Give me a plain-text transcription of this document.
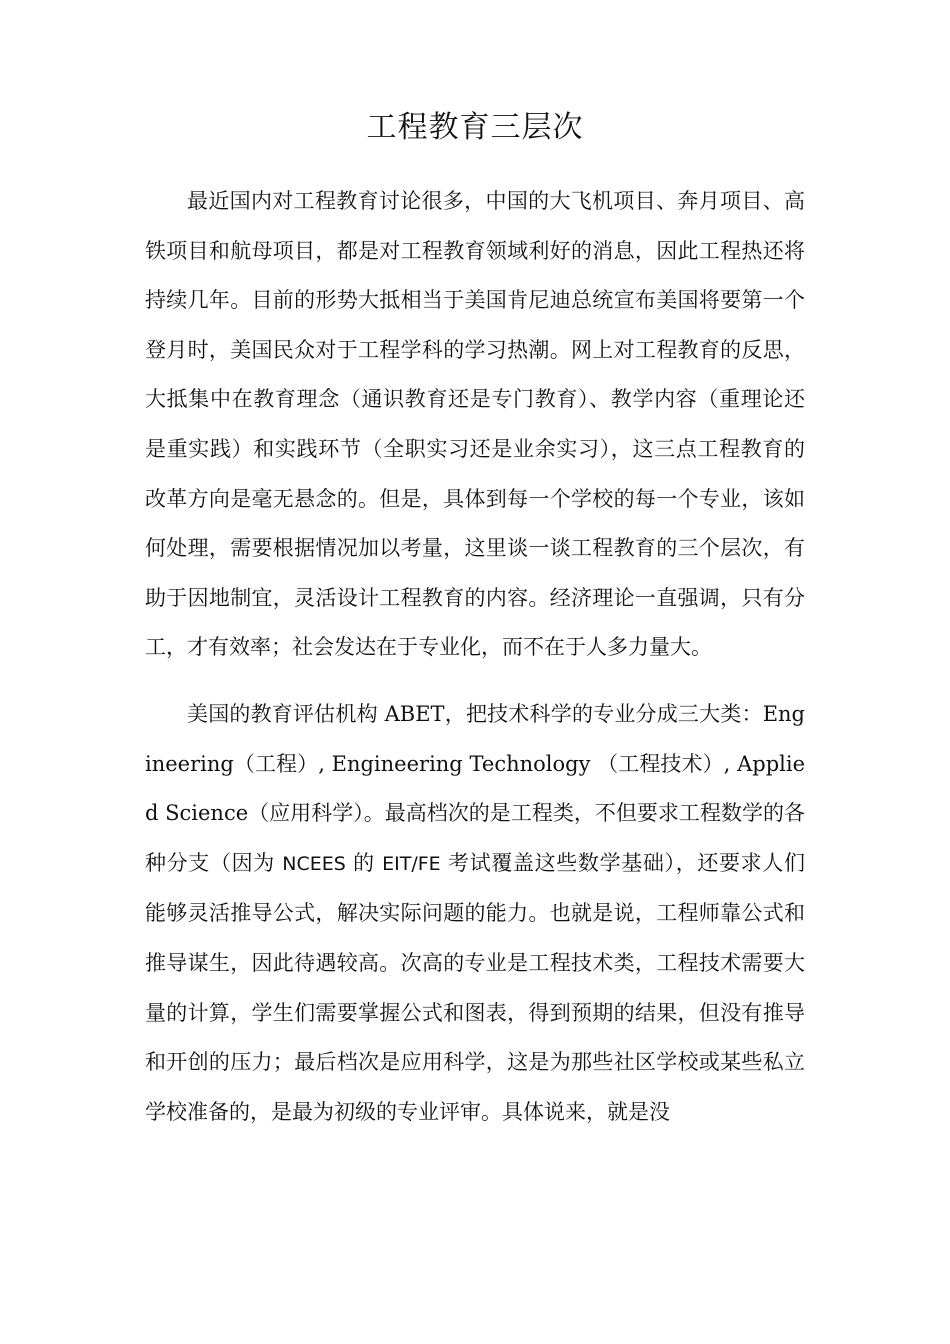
工程教育三层次

最近国内对工程教育讨论很多，中国的大飞机项目、奔月项目、高铁项目和航母项目，都是对工程教育领域利好的消息，因此工程热还将持续几年。目前的形势大抵相当于美国肯尼迪总统宣布美国将要第一个登月时，美国民众对于工程学科的学习热潮。网上对工程教育的反思，大抵集中在教育理念（通识教育还是专门教育）、教学内容（重理论还是重实践）和实践环节（全职实习还是业余实习），这三点工程教育的改革方向是毫无悬念的。但是，具体到每一个学校的每一个专业，该如何处理，需要根据情况加以考量，这里谈一谈工程教育的三个层次，有助于因地制宜，灵活设计工程教育的内容。经济理论一直强调，只有分工，才有效率；社会发达在于专业化，而不在于人多力量大。

美国的教育评估机构 ABET，把技术科学的专业分成三大类：Engineering（工程）, Engineering Technology （工程技术）, Applied Science（应用科学）。最高档次的是工程类，不但要求工程数学的各种分支（因为 NCEES 的 EIT/FE 考试覆盖这些数学基础），还要求人们能够灵活推导公式，解决实际问题的能力。也就是说，工程师靠公式和推导谋生，因此待遇较高。次高的专业是工程技术类，工程技术需要大量的计算，学生们需要掌握公式和图表，得到预期的结果，但没有推导和开创的压力；最后档次是应用科学，这是为那些社区学校或某些私立学校准备的，是最为初级的专业评审。具体说来，就是没
